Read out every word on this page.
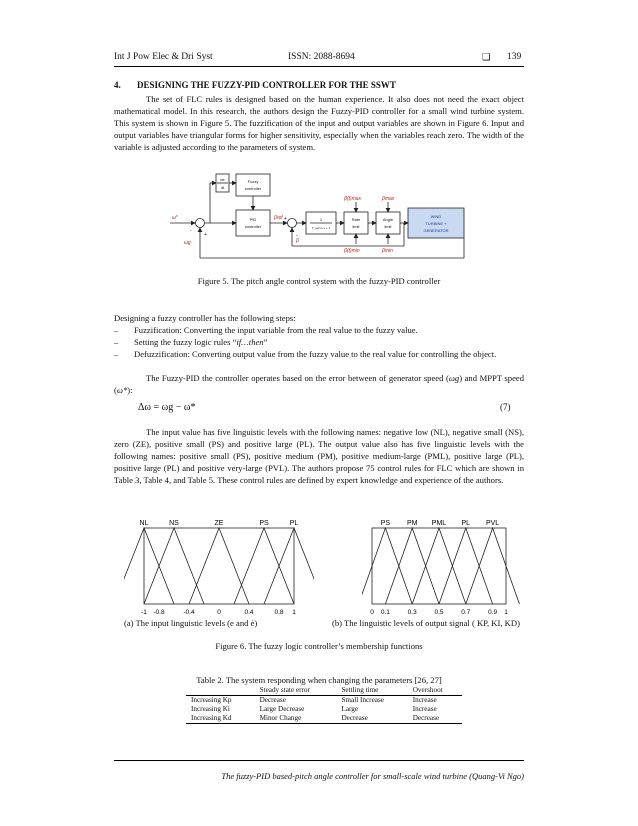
Int J Pow Elec & Dri Syst	ISSN: 2088-8694	❏ 139
4. DESIGNING THE FUZZY-PID CONTROLLER FOR THE SSWT
The set of FLC rules is designed based on the human experience. It also does not need the exact object mathematical model. In this research, the authors design the Fuzzy-PID controller for a small wind turbine system. This system is shown in Figure 5. The fuzzification of the input and output variables are shown in Figure 6. Input and output variables have triangular forms for higher sensitivity, especially when the variables reach zero. The width of the variable is adjusted according to the parameters of system.
de
dt
Fuzzy
controller
PID
controller
1
T_servo s + 1
Rate
limit
Angle
limit
WIND
TURBINE +
GENERATOR
ω*
ωg
βref
β
βmax
βmin
β̇(t)max
β̇(t)min
-
+
+
-
Figure 5. The pitch angle control system with the fuzzy-PID controller
Designing a fuzzy controller has the following steps:
– Fuzzification: Converting the input variable from the real value to the fuzzy value.
– Setting the fuzzy logic rules “if…then”
– Defuzzification: Converting output value from the fuzzy value to the real value for controlling the object.
The Fuzzy-PID the controller operates based on the error between of generator speed (ωg) and MPPT speed (ω*):
Δω = ωg − ω*	(7)
The input value has five linguistic levels with the following names: negative low (NL), negative small (NS), zero (ZE), positive small (PS) and positive large (PL). The output value also has five linguistic levels with the following names: positive small (PS), positive medium (PM), positive medium-large (PML), positive large (PL), positive large (PL) and positive very-large (PVL). The authors propose 75 control rules for FLC which are shown in Table 3, Table 4, and Table 5. These control rules are defined by expert knowledge and experience of the authors.
NL	NS	ZE	PS	PL
-1 -0.8	-0.4	0	0.4	0.8 1
PS PM PML PL PVL
0 0.1	0.3	0.5	0.7	0.9 1
(a) The input linguistic levels (e and ė)	(b) The linguistic levels of output signal ( KP, KI, KD)
Figure 6. The fuzzy logic controller’s membership functions
Table 2. The system responding when changing the parameters [26, 27]
	Steady state error	Settling time	Overshoot
Increasing Kp	Decrease	Small Increase	Increase
Increasing Ki	Large Decrease	Large	Increase
Increasing Kd	Minor Change	Decrease	Decrease
The fuzzy-PID based-pitch angle controller for small-scale wind turbine (Quang-Vi Ngo)
